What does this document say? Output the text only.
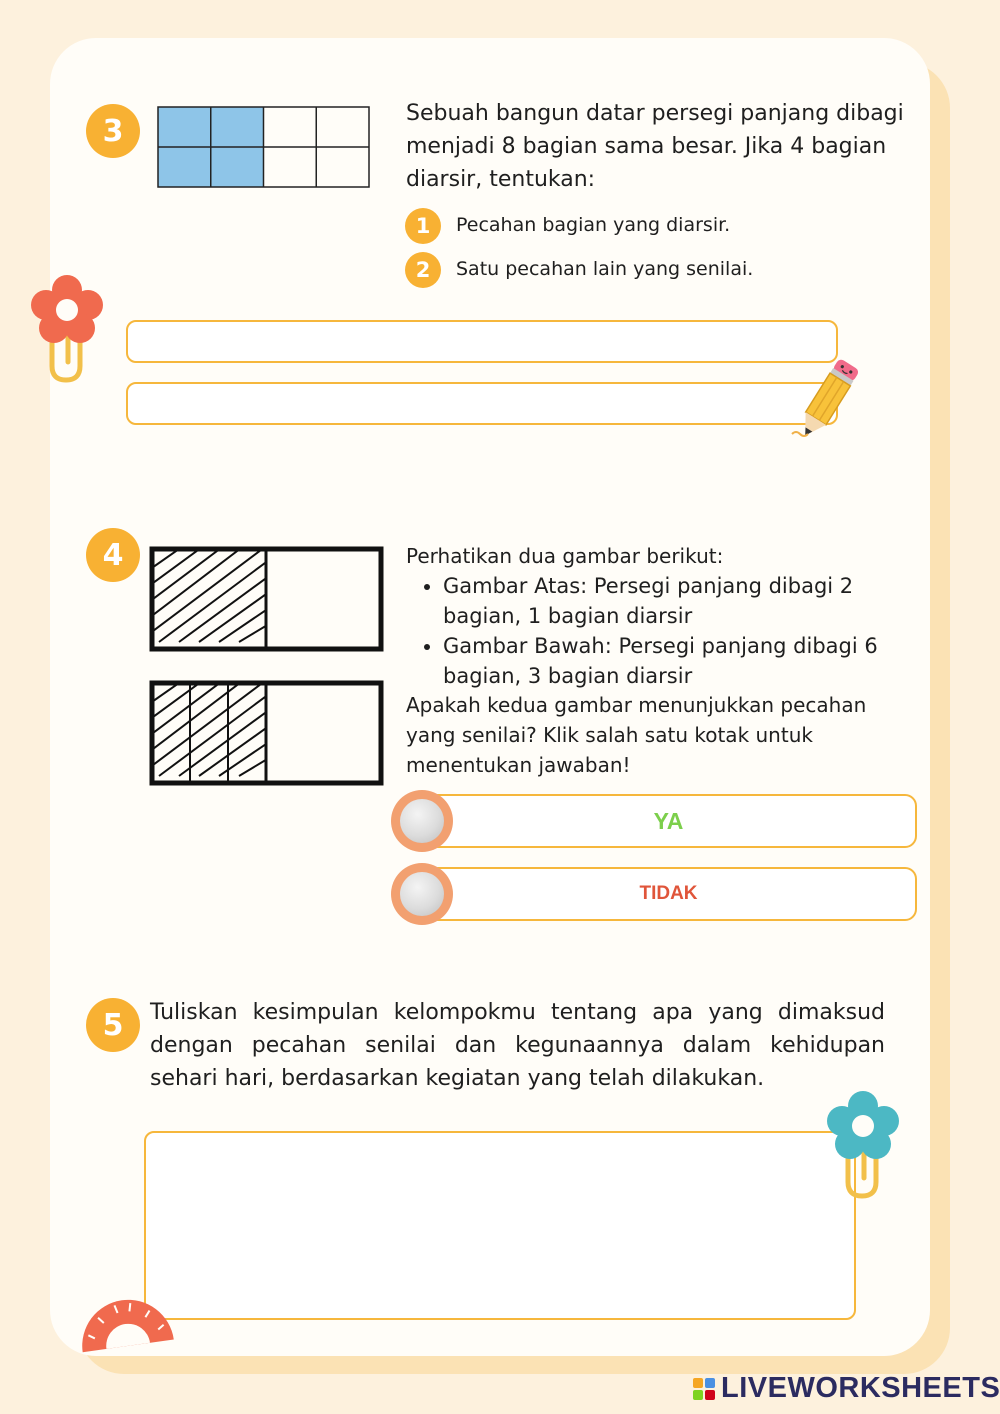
3	Sebuah bangun datar persegi panjang dibagi menjadi 8 bagian sama besar. Jika 4 bagian diarsir, tentukan:
1	Pecahan bagian yang diarsir.
2	Satu pecahan lain yang senilai.
4	Perhatikan dua gambar berikut:
• Gambar Atas: Persegi panjang dibagi 2 bagian, 1 bagian diarsir
• Gambar Bawah: Persegi panjang dibagi 6 bagian, 3 bagian diarsir
Apakah kedua gambar menunjukkan pecahan yang senilai? Klik salah satu kotak untuk menentukan jawaban!
YA
TIDAK
5	Tuliskan kesimpulan kelompokmu tentang apa yang dimaksud dengan pecahan senilai dan kegunaannya dalam kehidupan sehari hari, berdasarkan kegiatan yang telah dilakukan.
LIVEWORKSHEETS
